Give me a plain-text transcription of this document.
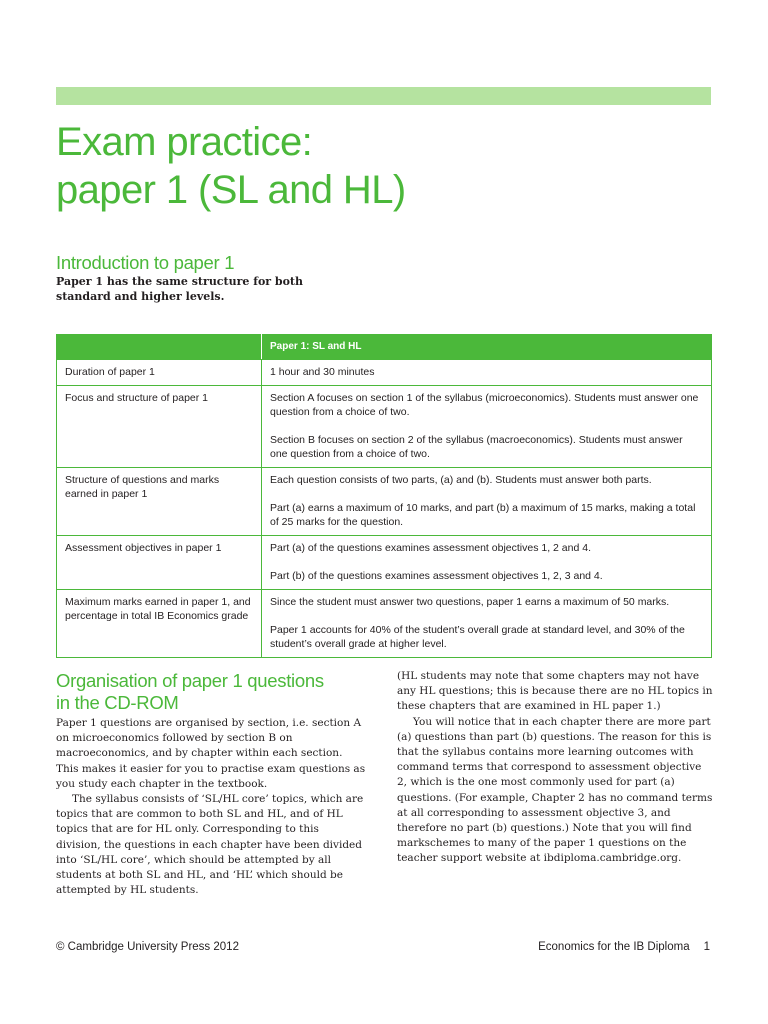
Exam practice:
paper 1 (SL and HL)
Introduction to paper 1
Paper 1 has the same structure for both standard and higher levels.
	Paper 1: SL and HL
Duration of paper 1	1 hour and 30 minutes

Focus and structure of paper 1	Section A focuses on section 1 of the syllabus (microeconomics). Students must answer one question from a choice of two.

Section B focuses on section 2 of the syllabus (macroeconomics). Students must answer one question from a choice of two.

Structure of questions and marks earned in paper 1	Each question consists of two parts, (a) and (b). Students must answer both parts.

Part (a) earns a maximum of 10 marks, and part (b) a maximum of 15 marks, making a total of 25 marks for the question.

Assessment objectives in paper 1	Part (a) of the questions examines assessment objectives 1, 2 and 4.

Part (b) of the questions examines assessment objectives 1, 2, 3 and 4.

Maximum marks earned in paper 1, and percentage in total IB Economics grade	Since the student must answer two questions, paper 1 earns a maximum of 50 marks.

Paper 1 accounts for 40% of the student’s overall grade at standard level, and 30% of the student’s overall grade at higher level.

Organisation of paper 1 questions
in the CD-ROM

Paper 1 questions are organised by section, i.e. section A on microeconomics followed by section B on macroeconomics, and by chapter within each section. This makes it easier for you to practise exam questions as you study each chapter in the textbook.

The syllabus consists of ‘SL/HL core’ topics, which are topics that are common to both SL and HL, and of HL topics that are for HL only. Corresponding to this division, the questions in each chapter have been divided into ‘SL/HL core’, which should be attempted by all students at both SL and HL, and ‘HL’ which should be attempted by HL students.

(HL students may note that some chapters may not have any HL questions; this is because there are no HL topics in these chapters that are examined in HL paper 1.)

You will notice that in each chapter there are more part (a) questions than part (b) questions. The reason for this is that the syllabus contains more learning outcomes with command terms that correspond to assessment objective 2, which is the one most commonly used for part (a) questions. (For example, Chapter 2 has no command terms at all corresponding to assessment objective 3, and therefore no part (b) questions.) Note that you will find markschemes to many of the paper 1 questions on the teacher support website at ibdiploma.cambridge.org.

© Cambridge University Press 2012	Economics for the IB Diploma 1
